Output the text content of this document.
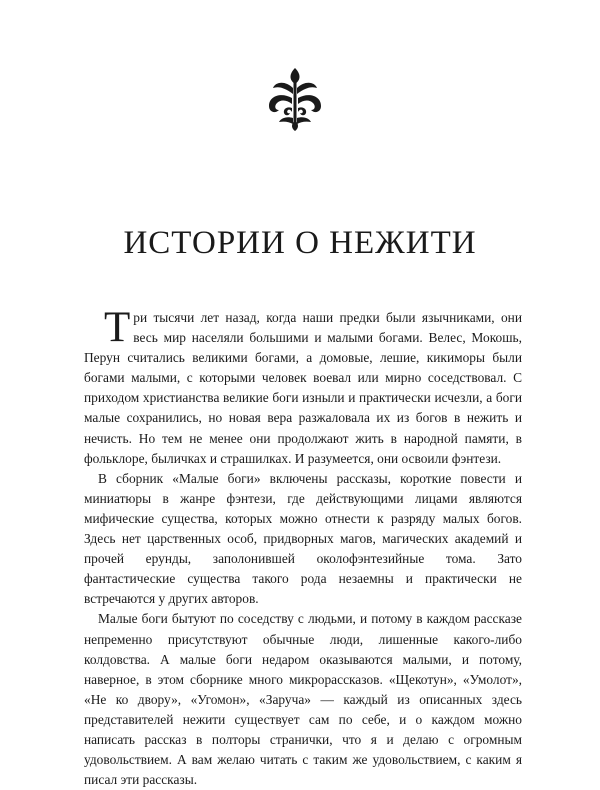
ИСТОРИИ О НЕЖИТИ

Три тысячи лет назад, когда наши предки были язычниками, они весь мир населяли большими и малыми богами. Велес, Мокошь, Перун считались великими богами, а домовые, лешие, кикиморы были богами малыми, с которыми человек воевал или мирно соседствовал. С приходом христианства великие боги изныли и практически исчезли, а боги малые сохранились, но новая вера разжаловала их из богов в нежить и нечисть. Но тем не менее они продолжают жить в народной памяти, в фольклоре, быличках и страшилках. И разумеется, они освоили фэнтези.

В сборник «Малые боги» включены рассказы, короткие повести и миниатюры в жанре фэнтези, где действующими лицами являются мифические существа, которых можно отнести к разряду малых богов. Здесь нет царственных особ, придворных магов, магических академий и прочей ерунды, заполонившей околофэнтезийные тома. Зато фантастические существа такого рода незаемны и практически не встречаются у других авторов.

Малые боги бытуют по соседству с людьми, и потому в каждом рассказе непременно присутствуют обычные люди, лишенные какого-либо колдовства. А малые боги недаром оказываются малыми, и потому, наверное, в этом сборнике много микрорассказов. «Щекотун», «Умолот», «Не ко двору», «Угомон», «Заруча» — каждый из описанных здесь представителей нежити существует сам по себе, и о каждом можно написать рассказ в полторы странички, что я и делаю с огромным удовольствием. А вам желаю читать с таким же удовольствием, с каким я писал эти рассказы.
